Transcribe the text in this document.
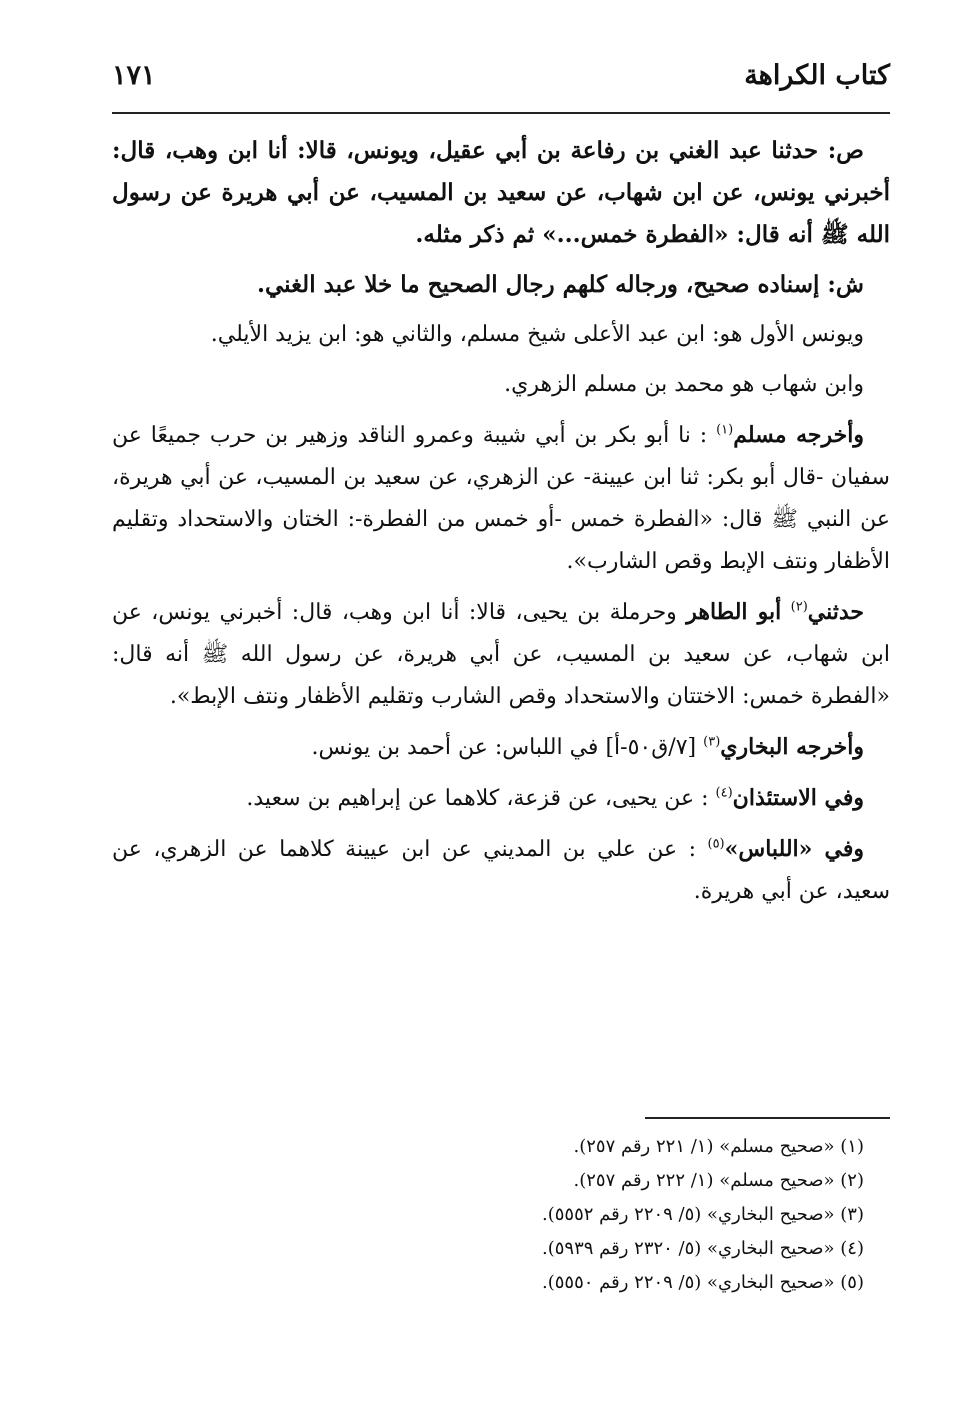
كتاب الكراهة
١٧١

ص: حدثنا عبد الغني بن رفاعة بن أبي عقيل، ويونس، قالا: أنا ابن وهب، قال: أخبرني يونس، عن ابن شهاب، عن سعيد بن المسيب، عن أبي هريرة عن رسول الله ﷺ أنه قال: «الفطرة خمس...» ثم ذكر مثله.

ش: إسناده صحيح، ورجاله كلهم رجال الصحيح ما خلا عبد الغني.

ويونس الأول هو: ابن عبد الأعلى شيخ مسلم، والثاني هو: ابن يزيد الأيلي.

وابن شهاب هو محمد بن مسلم الزهري.

وأخرجه مسلم$^{(١)}$ : نا أبو بكر بن أبي شيبة وعمرو الناقد وزهير بن حرب جميعًا عن سفيان -قال أبو بكر: ثنا ابن عيينة- عن الزهري، عن سعيد بن المسيب، عن أبي هريرة، عن النبي ﷺ قال: «الفطرة خمس -أو خمس من الفطرة-: الختان والاستحداد وتقليم الأظفار ونتف الإبط وقص الشارب».

حدثني$^{(٢)}$ أبو الطاهر وحرملة بن يحيى، قالا: أنا ابن وهب، قال: أخبرني يونس، عن ابن شهاب، عن سعيد بن المسيب، عن أبي هريرة، عن رسول الله ﷺ أنه قال: «الفطرة خمس: الاختتان والاستحداد وقص الشارب وتقليم الأظفار ونتف الإبط».

وأخرجه البخاري$^{(٣)}$ [٧/ق٥٠-أ] في اللباس: عن أحمد بن يونس.

وفي الاستئذان$^{(٤)}$ : عن يحيى، عن قزعة، كلاهما عن إبراهيم بن سعيد.

وفي «اللباس»$^{(٥)}$ : عن علي بن المديني عن ابن عيينة كلاهما عن الزهري، عن سعيد، عن أبي هريرة.

(١) «صحيح مسلم» (١/ ٢٢١ رقم ٢٥٧).

(٢) «صحيح مسلم» (١/ ٢٢٢ رقم ٢٥٧).

(٣) «صحيح البخاري» (٥/ ٢٢٠٩ رقم ٥٥٥٢).

(٤) «صحيح البخاري» (٥/ ٢٣٢٠ رقم ٥٩٣٩).

(٥) «صحيح البخاري» (٥/ ٢٢٠٩ رقم ٥٥٥٠).
